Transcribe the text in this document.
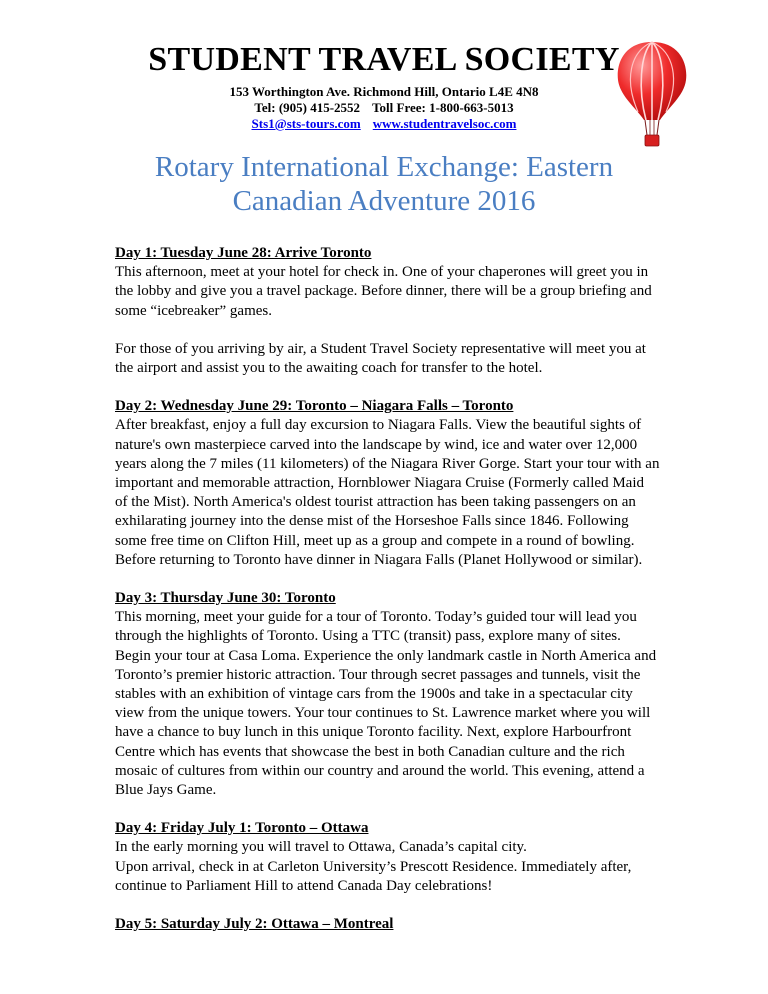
STUDENT TRAVEL SOCIETY
153 Worthington Ave. Richmond Hill, Ontario L4E 4N8
Tel: (905) 415-2552 Toll Free: 1-800-663-5013
Sts1@sts-tours.com www.studentravelsoc.com
Rotary International Exchange: Eastern Canadian Adventure 2016

Day 1: Tuesday June 28: Arrive Toronto
This afternoon, meet at your hotel for check in. One of your chaperones will greet you in the lobby and give you a travel package. Before dinner, there will be a group briefing and some “icebreaker” games.

For those of you arriving by air, a Student Travel Society representative will meet you at the airport and assist you to the awaiting coach for transfer to the hotel.

Day 2: Wednesday June 29: Toronto – Niagara Falls – Toronto
After breakfast, enjoy a full day excursion to Niagara Falls. View the beautiful sights of nature's own masterpiece carved into the landscape by wind, ice and water over 12,000 years along the 7 miles (11 kilometers) of the Niagara River Gorge. Start your tour with an important and memorable attraction, Hornblower Niagara Cruise (Formerly called Maid of the Mist). North America's oldest tourist attraction has been taking passengers on an exhilarating journey into the dense mist of the Horseshoe Falls since 1846. Following some free time on Clifton Hill, meet up as a group and compete in a round of bowling. Before returning to Toronto have dinner in Niagara Falls (Planet Hollywood or similar).

Day 3: Thursday June 30: Toronto
This morning, meet your guide for a tour of Toronto. Today’s guided tour will lead you through the highlights of Toronto. Using a TTC (transit) pass, explore many of sites. Begin your tour at Casa Loma. Experience the only landmark castle in North America and Toronto’s premier historic attraction. Tour through secret passages and tunnels, visit the stables with an exhibition of vintage cars from the 1900s and take in a spectacular city view from the unique towers. Your tour continues to St. Lawrence market where you will have a chance to buy lunch in this unique Toronto facility. Next, explore Harbourfront Centre which has events that showcase the best in both Canadian culture and the rich mosaic of cultures from within our country and around the world. This evening, attend a Blue Jays Game.

Day 4: Friday July 1: Toronto – Ottawa
In the early morning you will travel to Ottawa, Canada’s capital city.
Upon arrival, check in at Carleton University’s Prescott Residence. Immediately after, continue to Parliament Hill to attend Canada Day celebrations!

Day 5: Saturday July 2: Ottawa – Montreal
